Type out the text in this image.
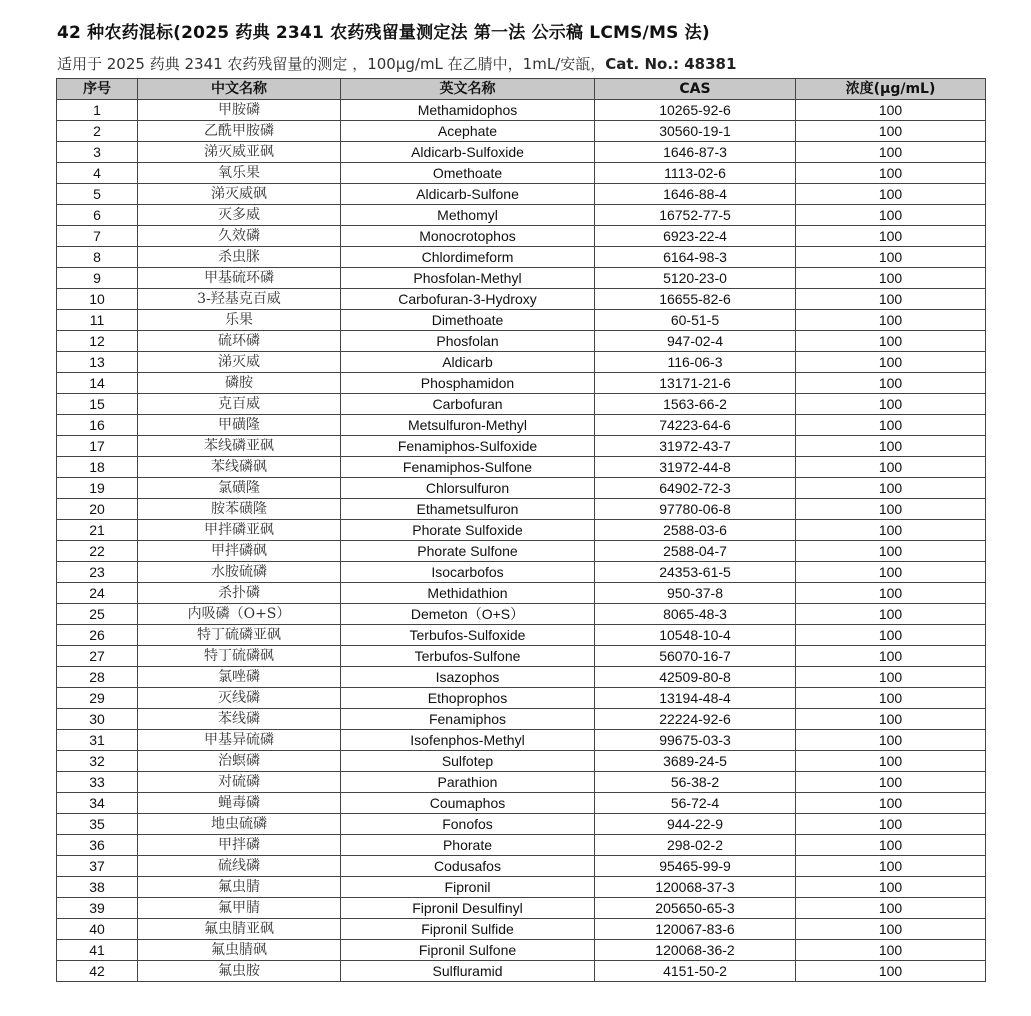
42 种农药混标(2025 药典 2341 农药残留量测定法 第一法 公示稿 LCMS/MS 法)
适用于 2025 药典 2341 农药残留量的测定 ，100μg/mL 在乙腈中，1mL/安瓿，Cat. No.: 48381
序号	中文名称	英文名称	CAS	浓度(μg/mL)
1	甲胺磷	Methamidophos	10265-92-6	100
2	乙酰甲胺磷	Acephate	30560-19-1	100
3	涕灭威亚砜	Aldicarb-Sulfoxide	1646-87-3	100
4	氧乐果	Omethoate	1113-02-6	100
5	涕灭威砜	Aldicarb-Sulfone	1646-88-4	100
6	灭多威	Methomyl	16752-77-5	100
7	久效磷	Monocrotophos	6923-22-4	100
8	杀虫脒	Chlordimeform	6164-98-3	100
9	甲基硫环磷	Phosfolan-Methyl	5120-23-0	100
10	3-羟基克百威	Carbofuran-3-Hydroxy	16655-82-6	100
11	乐果	Dimethoate	60-51-5	100
12	硫环磷	Phosfolan	947-02-4	100
13	涕灭威	Aldicarb	116-06-3	100
14	磷胺	Phosphamidon	13171-21-6	100
15	克百威	Carbofuran	1563-66-2	100
16	甲磺隆	Metsulfuron-Methyl	74223-64-6	100
17	苯线磷亚砜	Fenamiphos-Sulfoxide	31972-43-7	100
18	苯线磷砜	Fenamiphos-Sulfone	31972-44-8	100
19	氯磺隆	Chlorsulfuron	64902-72-3	100
20	胺苯磺隆	Ethametsulfuron	97780-06-8	100
21	甲拌磷亚砜	Phorate Sulfoxide	2588-03-6	100
22	甲拌磷砜	Phorate Sulfone	2588-04-7	100
23	水胺硫磷	Isocarbofos	24353-61-5	100
24	杀扑磷	Methidathion	950-37-8	100
25	内吸磷（O+S）	Demeton（O+S）	8065-48-3	100
26	特丁硫磷亚砜	Terbufos-Sulfoxide	10548-10-4	100
27	特丁硫磷砜	Terbufos-Sulfone	56070-16-7	100
28	氯唑磷	Isazophos	42509-80-8	100
29	灭线磷	Ethoprophos	13194-48-4	100
30	苯线磷	Fenamiphos	22224-92-6	100
31	甲基异硫磷	Isofenphos-Methyl	99675-03-3	100
32	治螟磷	Sulfotep	3689-24-5	100
33	对硫磷	Parathion	56-38-2	100
34	蝇毒磷	Coumaphos	56-72-4	100
35	地虫硫磷	Fonofos	944-22-9	100
36	甲拌磷	Phorate	298-02-2	100
37	硫线磷	Codusafos	95465-99-9	100
38	氟虫腈	Fipronil	120068-37-3	100
39	氟甲腈	Fipronil Desulfinyl	205650-65-3	100
40	氟虫腈亚砜	Fipronil Sulfide	120067-83-6	100
41	氟虫腈砜	Fipronil Sulfone	120068-36-2	100
42	氟虫胺	Sulfluramid	4151-50-2	100
